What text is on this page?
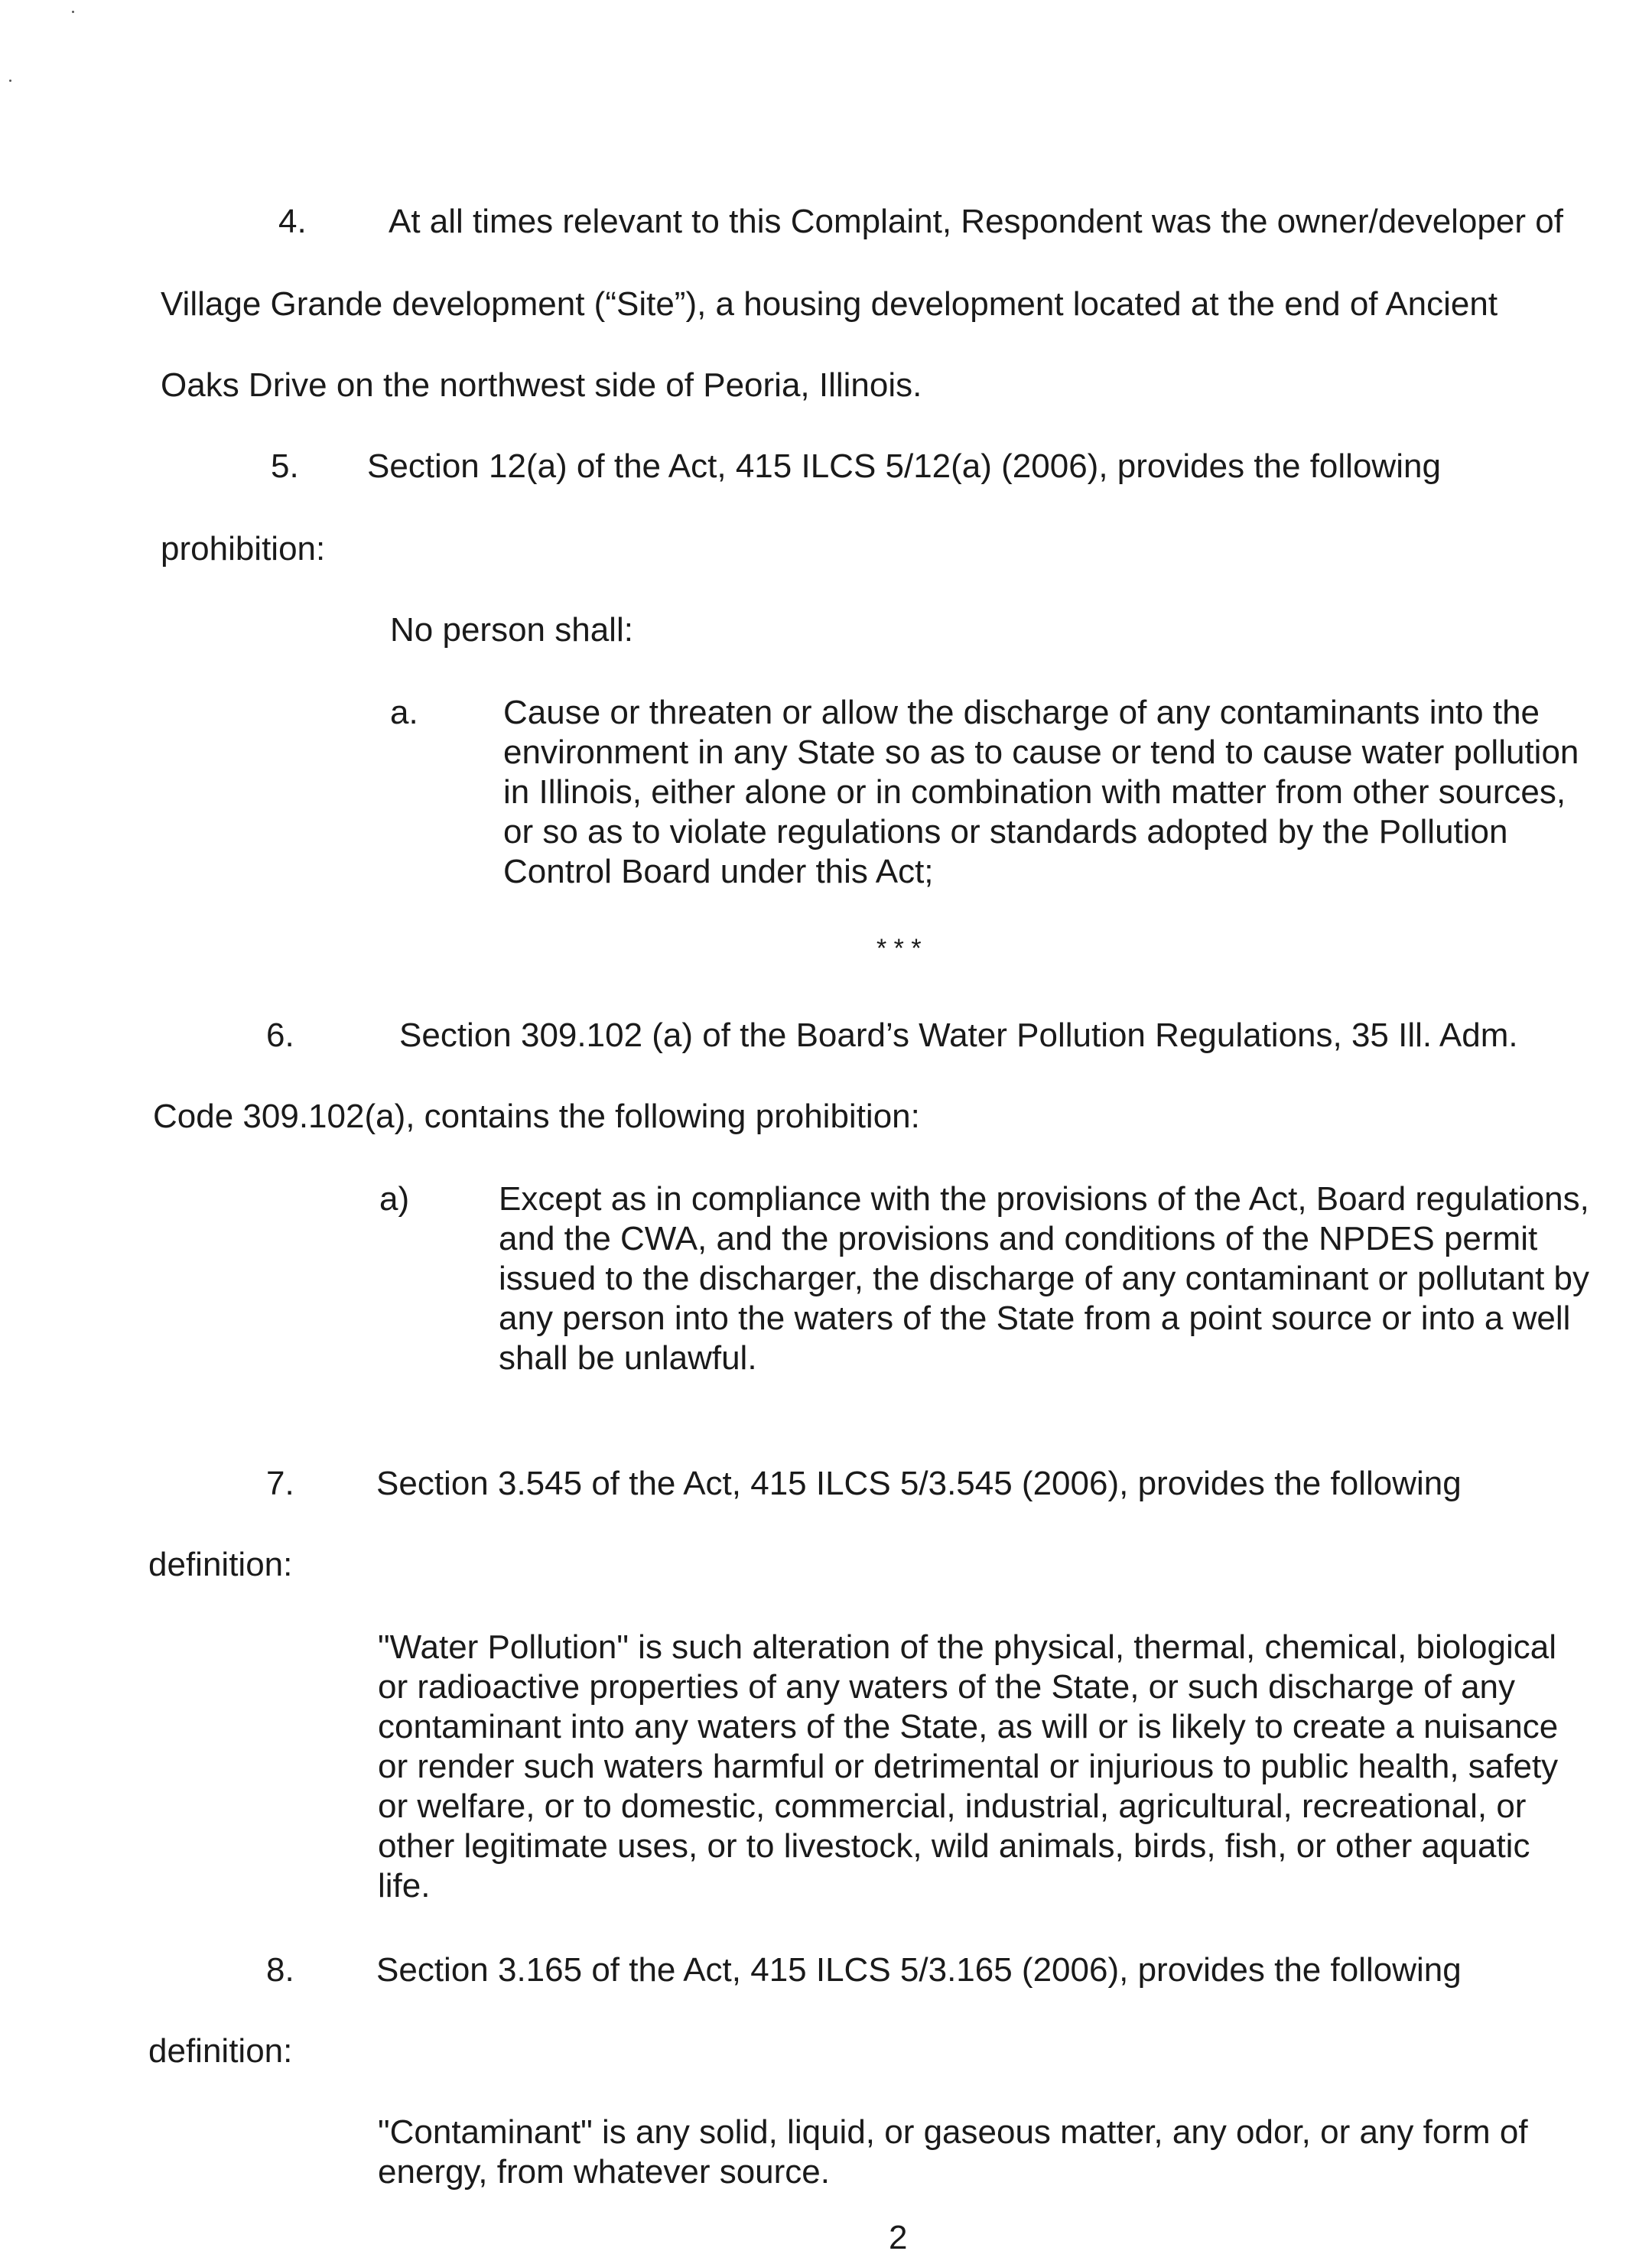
4. At all times relevant to this Complaint, Respondent was the owner/developer of
Village Grande development (“Site”), a housing development located at the end of Ancient
Oaks Drive on the northwest side of Peoria, Illinois.
5. Section 12(a) of the Act, 415 ILCS 5/12(a) (2006), provides the following
prohibition:
No person shall:
a.	Cause or threaten or allow the discharge of any contaminants into the
environment in any State so as to cause or tend to cause water pollution
in Illinois, either alone or in combination with matter from other sources,
or so as to violate regulations or standards adopted by the Pollution
Control Board under this Act;
* * *
6.	Section 309.102 (a) of the Board’s Water Pollution Regulations, 35 Ill. Adm.
Code 309.102(a), contains the following prohibition:
a)	Except as in compliance with the provisions of the Act, Board regulations,
and the CWA, and the provisions and conditions of the NPDES permit
issued to the discharger, the discharge of any contaminant or pollutant by
any person into the waters of the State from a point source or into a well
shall be unlawful.
7. Section 3.545 of the Act, 415 ILCS 5/3.545 (2006), provides the following
definition:
"Water Pollution" is such alteration of the physical, thermal, chemical, biological
or radioactive properties of any waters of the State, or such discharge of any
contaminant into any waters of the State, as will or is likely to create a nuisance
or render such waters harmful or detrimental or injurious to public health, safety
or welfare, or to domestic, commercial, industrial, agricultural, recreational, or
other legitimate uses, or to livestock, wild animals, birds, fish, or other aquatic
life.
8. Section 3.165 of the Act, 415 ILCS 5/3.165 (2006), provides the following
definition:
"Contaminant" is any solid, liquid, or gaseous matter, any odor, or any form of
energy, from whatever source.
2
